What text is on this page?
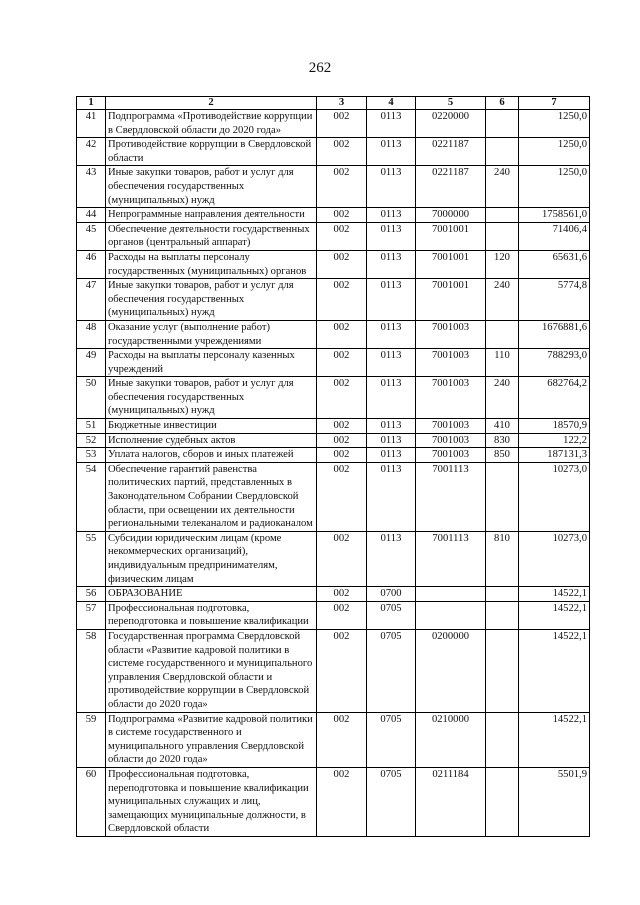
262
1	2	3	4	5	6	7
41	Подпрограмма «Противодействие коррупции в Свердловской области до 2020 года»	002	0113	0220000		1250,0
42	Противодействие коррупции в Свердловской области	002	0113	0221187		1250,0
43	Иные закупки товаров, работ и услуг для обеспечения государственных (муниципальных) нужд	002	0113	0221187	240	1250,0
44	Непрограммные направления деятельности	002	0113	7000000		1758561,0
45	Обеспечение деятельности государственных органов (центральный аппарат)	002	0113	7001001		71406,4
46	Расходы на выплаты персоналу государственных (муниципальных) органов	002	0113	7001001	120	65631,6
47	Иные закупки товаров, работ и услуг для обеспечения государственных (муниципальных) нужд	002	0113	7001001	240	5774,8
48	Оказание услуг (выполнение работ) государственными учреждениями	002	0113	7001003		1676881,6
49	Расходы на выплаты персоналу казенных учреждений	002	0113	7001003	110	788293,0
50	Иные закупки товаров, работ и услуг для обеспечения государственных (муниципальных) нужд	002	0113	7001003	240	682764,2
51	Бюджетные инвестиции	002	0113	7001003	410	18570,9
52	Исполнение судебных актов	002	0113	7001003	830	122,2
53	Уплата налогов, сборов и иных платежей	002	0113	7001003	850	187131,3
54	Обеспечение гарантий равенства политических партий, представленных в Законодательном Собрании Свердловской области, при освещении их деятельности региональными телеканалом и радиоканалом	002	0113	7001113		10273,0
55	Субсидии юридическим лицам (кроме некоммерческих организаций), индивидуальным предпринимателям, физическим лицам	002	0113	7001113	810	10273,0
56	ОБРАЗОВАНИЕ	002	0700			14522,1
57	Профессиональная подготовка, переподготовка и повышение квалификации	002	0705			14522,1
58	Государственная программа Свердловской области «Развитие кадровой политики в системе государственного и муниципального управления Свердловской области и противодействие коррупции в Свердловской области до 2020 года»	002	0705	0200000		14522,1
59	Подпрограмма «Развитие кадровой политики в системе государственного и муниципального управления Свердловской области до 2020 года»	002	0705	0210000		14522,1
60	Профессиональная подготовка, переподготовка и повышение квалификации муниципальных служащих и лиц, замещающих муниципальные должности, в Свердловской области	002	0705	0211184		5501,9
